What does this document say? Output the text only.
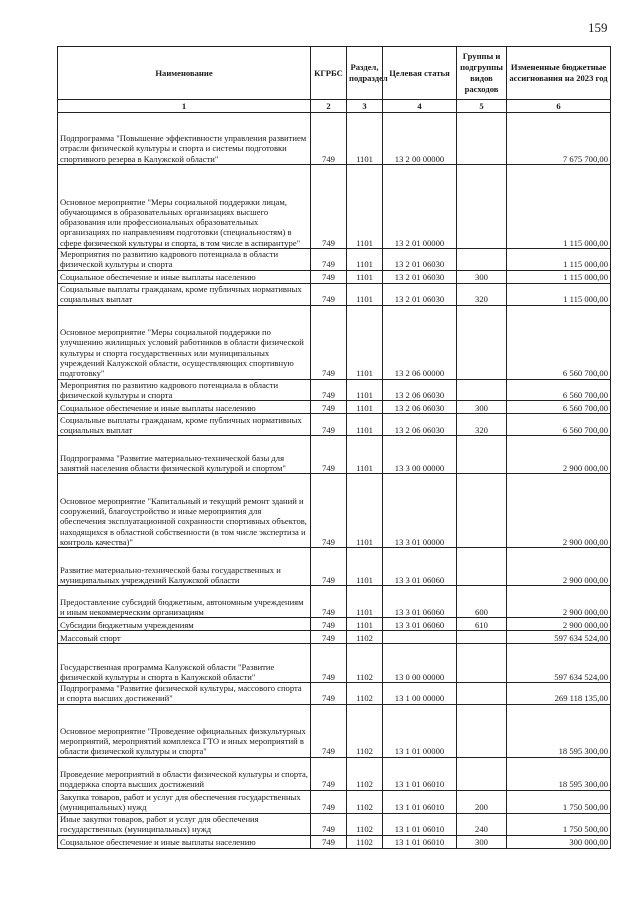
159
Наименование	КГРБС	Раздел, подраздел	Целевая статья	Группы и подгруппы видов расходов	Измененные бюджетные ассигнования на 2023 год
1	2	3	4	5	6
Подпрограмма "Повышение эффективности управления развитием отрасли физической культуры и спорта и системы подготовки спортивного резерва в Калужской области"	749	1101	13 2 00 00000		7 675 700,00
Основное мероприятие "Меры социальной поддержки лицам, обучающимся в образовательных организациях высшего образования или профессиональных образовательных организациях по направлениям подготовки (специальностям) в сфере физической культуры и спорта, в том числе в аспирантуре"	749	1101	13 2 01 00000		1 115 000,00
Мероприятия по развитию кадрового потенциала в области физической культуры и спорта	749	1101	13 2 01 06030		1 115 000,00
Социальное обеспечение и иные выплаты населению	749	1101	13 2 01 06030	300	1 115 000,00
Социальные выплаты гражданам, кроме публичных нормативных социальных выплат	749	1101	13 2 01 06030	320	1 115 000,00
Основное мероприятие "Меры социальной поддержки по улучшению жилищных условий работников в области физической культуры и спорта государственных или муниципальных учреждений Калужской области, осуществляющих спортивную подготовку"	749	1101	13 2 06 00000		6 560 700,00
Мероприятия по развитию кадрового потенциала в области физической культуры и спорта	749	1101	13 2 06 06030		6 560 700,00
Социальное обеспечение и иные выплаты населению	749	1101	13 2 06 06030	300	6 560 700,00
Социальные выплаты гражданам, кроме публичных нормативных социальных выплат	749	1101	13 2 06 06030	320	6 560 700,00
Подпрограмма "Развитие материально-технической базы для занятий населения области физической культурой и спортом"	749	1101	13 3 00 00000		2 900 000,00
Основное мероприятие "Капитальный и текущий ремонт зданий и сооружений, благоустройство и иные мероприятия для обеспечения эксплуатационной сохранности спортивных объектов, находящихся в областной собственности (в том числе экспертиза и контроль качества)"	749	1101	13 3 01 00000		2 900 000,00
Развитие материально-технической базы государственных и муниципальных учреждений Калужской области	749	1101	13 3 01 06060		2 900 000,00
Предоставление субсидий бюджетным, автономным учреждениям и иным некоммерческим организациям	749	1101	13 3 01 06060	600	2 900 000,00
Субсидии бюджетным учреждениям	749	1101	13 3 01 06060	610	2 900 000,00
Массовый спорт	749	1102			597 634 524,00
Государственная программа Калужской области "Развитие физической культуры и спорта в Калужской области"	749	1102	13 0 00 00000		597 634 524,00
Подпрограмма "Развитие физической культуры, массового спорта и спорта высших достижений"	749	1102	13 1 00 00000		269 118 135,00
Основное мероприятие "Проведение официальных физкультурных мероприятий, мероприятий комплекса ГТО и иных мероприятий в области физической культуры и спорта"	749	1102	13 1 01 00000		18 595 300,00
Проведение мероприятий в области физической культуры и спорта, поддержка спорта высших достижений	749	1102	13 1 01 06010		18 595 300,00
Закупка товаров, работ и услуг для обеспечения государственных (муниципальных) нужд	749	1102	13 1 01 06010	200	1 750 500,00
Иные закупки товаров, работ и услуг для обеспечения государственных (муниципальных) нужд	749	1102	13 1 01 06010	240	1 750 500,00
Социальное обеспечение и иные выплаты населению	749	1102	13 1 01 06010	300	300 000,00
